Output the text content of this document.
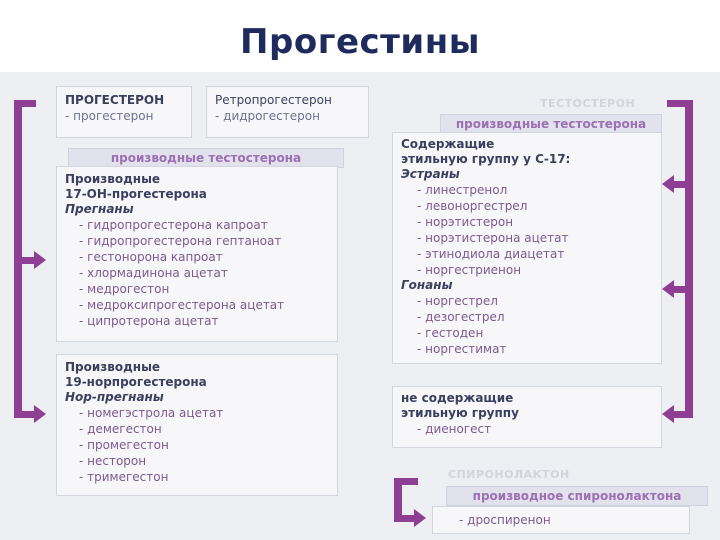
Прогестины
ПРОГЕСТЕРОН
- прогестерон
Ретропрогестерон
- дидрогестерон
производные тестостерона
Производные
17-ОН-прогестерона
Прегнаны
- гидропрогестерона капроат
- гидропрогестерона гептаноат
- гестонорона капроат
- хлормадинона ацетат
- медрогестон
- медроксипрогестерона ацетат
- ципротерона ацетат
Производные
19-норпрогестерона
Нор-прегнаны
- номегэстрола ацетат
- демегестон
- промегестон
- несторон
- тримегестон
ТЕСТОСТЕРОН
производные тестостерона
Содержащие
этильную группу у С-17:
Эстраны
- линестренол
- левоноргестрел
- норэтистерон
- норэтистерона ацетат
- этинодиола диацетат
- норгестриенон
Гонаны
- норгестрел
- дезогестрел
- гестоден
- норгестимат
не содержащие
этильную группу
- диеногест
СПИРОНОЛАКТОН
производное спиронолактона
- дроспиренон
